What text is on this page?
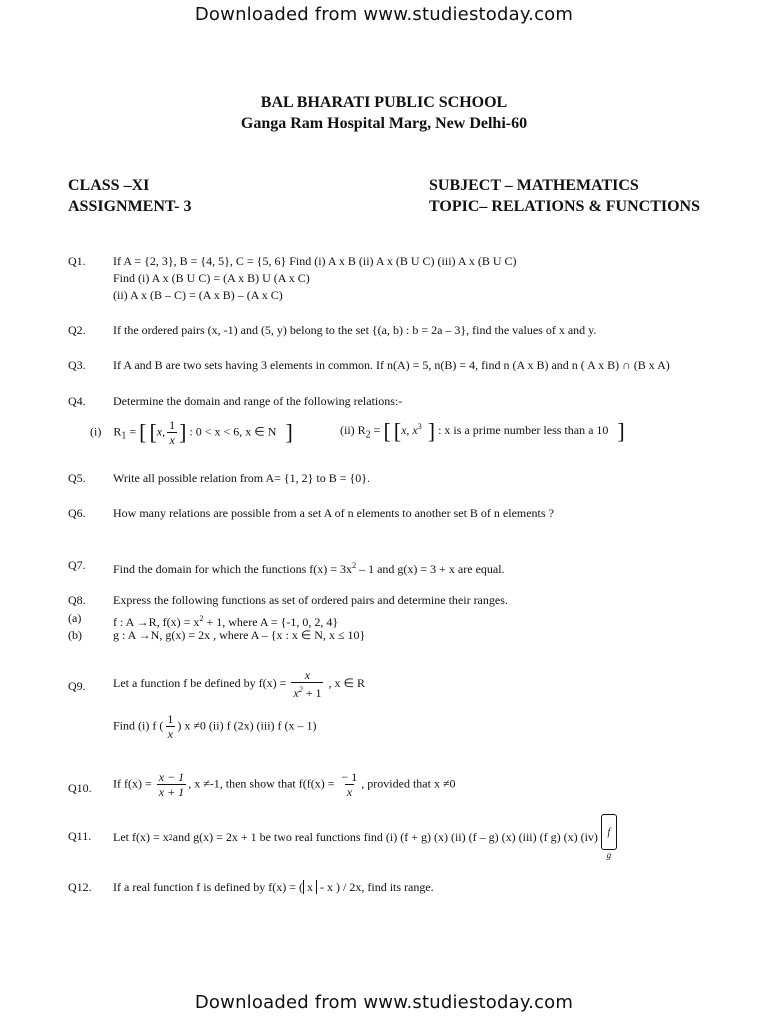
Downloaded from www.studiestoday.com
BAL BHARATI PUBLIC SCHOOL
Ganga Ram Hospital Marg, New Delhi-60
CLASS –XI
ASSIGNMENT- 3
SUBJECT – MATHEMATICS
TOPIC– RELATIONS & FUNCTIONS
Q1. If A = {2, 3}, B = {4, 5}, C = {5, 6} Find (i) A x B (ii) A x (B U C) (iii) A x (B U C)
Find (i) A x (B U C) = (A x B) U (A x C)
(ii) A x (B – C) = (A x B) – (A x C)
Q2. If the ordered pairs (x, -1) and (5, y) belong to the set {(a, b) : b = 2a – 3}, find the values of x and y.
Q3. If A and B are two sets having 3 elements in common. If n(A) = 5, n(B) = 4, find n (A x B) and n ( A x B) ∩ (B x A)
Q4. Determine the domain and range of the following relations:-
(i) $R_1$ = [ [x, $\frac{1}{x}$ ] : 0 < x < 6, x ∈ N ]	(ii) $R_2$ = [ [x, $x^3$ ] : x is a prime number less than a 10 ]
Q5. Write all possible relation from A= {1, 2} to B = {0}.
Q6. How many relations are possible from a set A of n elements to another set B of n elements ?
Q7. Find the domain for which the functions $f(x) = 3x^2 - 1$ and g(x) = 3 + x are equal.
Q8. Express the following functions as set of ordered pairs and determine their ranges.
(a)	f : A →R, $f(x) = x^2 + 1$, where A = {-1, 0, 2, 4}
(b)	g : A →N, g(x) = 2x , where A – {x : x ∈ N, x ≤ 10}
Q9. Let a function f be defined by $f(x) = \frac{x}{x^2 + 1}$ , x ∈ R
Find (i) f ( $\frac{1}{x}$ ) x ≠0 (ii) f (2x) (iii) f (x – 1)
Q10. If $f(x) = \frac{x - 1}{x + 1}$ , x ≠-1, then show that $f(f(x) = \frac{- 1}{x}$ , provided that x ≠0
Q11. Let f(x) = x 2 and g(x) = 2x + 1 be two real functions find (i) (f + g) (x) (ii) (f – g) (x) (iii) (f g) (x) (iv)
$\frac{f}{g}$
Q12. If a real function f is defined by f(x) = ( x - x ) / 2x, find its range.
Downloaded from www.studiestoday.com
